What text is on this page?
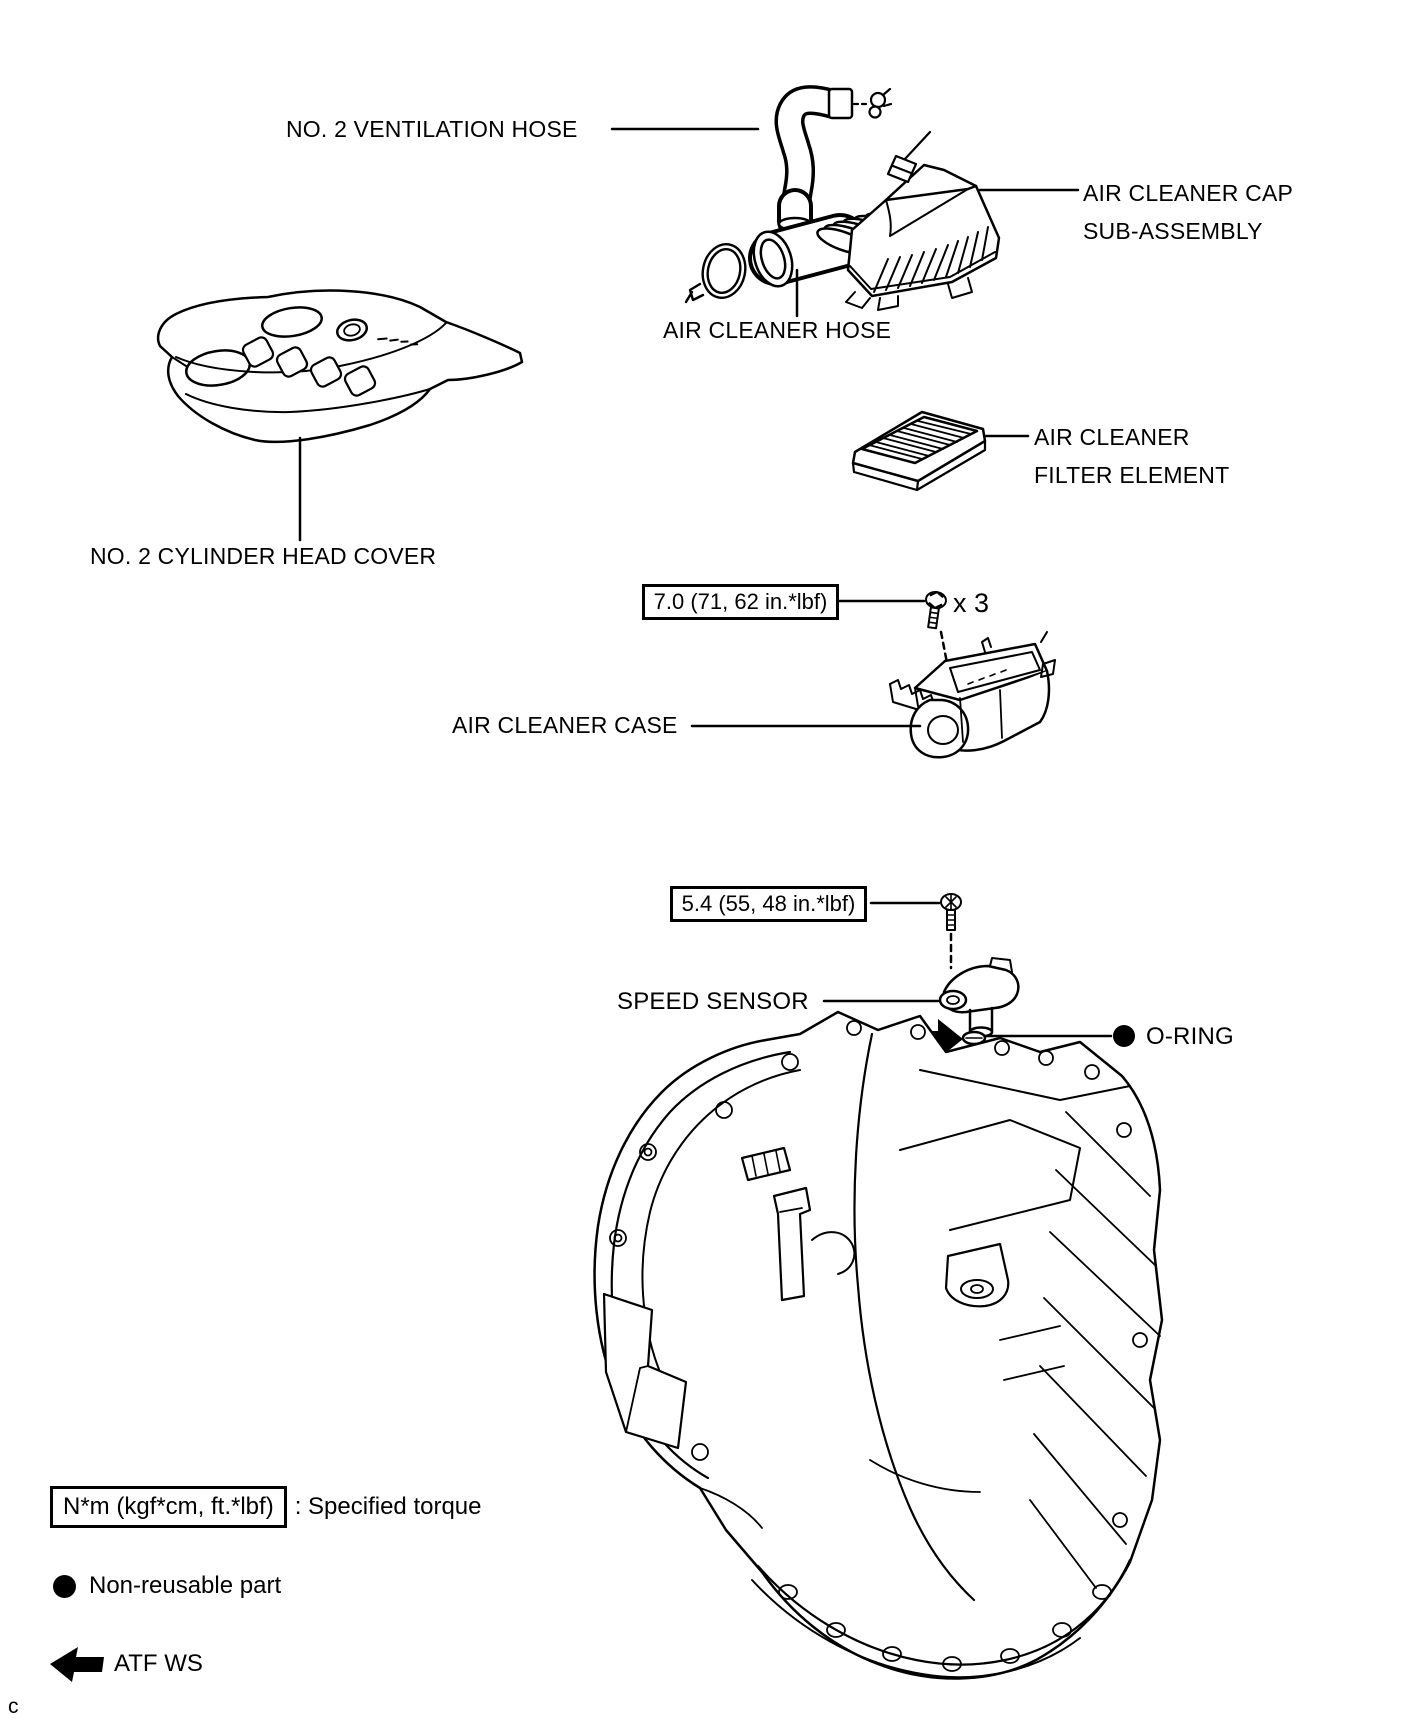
NO. 2 VENTILATION HOSE
AIR CLEANER CAP
SUB-ASSEMBLY
AIR CLEANER HOSE
NO. 2 CYLINDER HEAD COVER
AIR CLEANER
FILTER ELEMENT
7.0 (71, 62 in.*lbf)	x 3
AIR CLEANER CASE
5.4 (55, 48 in.*lbf)
SPEED SENSOR
O-RING
N*m (kgf*cm, ft.*lbf) : Specified torque
Non-reusable part
ATF WS
c
